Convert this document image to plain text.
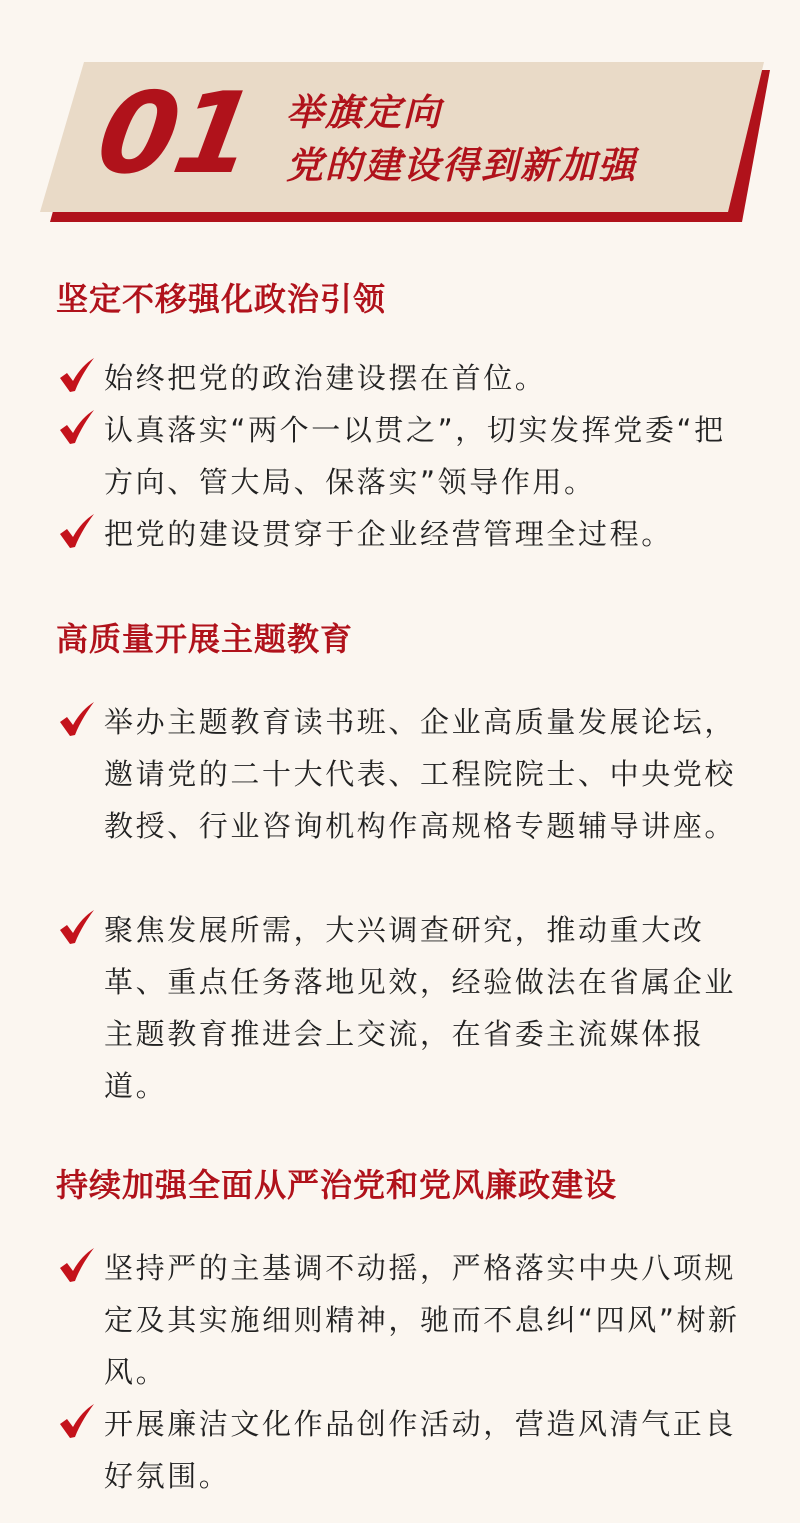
01 举旗定向
党的建设得到新加强
坚定不移强化政治引领

始终把党的政治建设摆在首位。

认真落实“两个一以贯之”，切实发挥党委“把方向、管大局、保落实”领导作用。

把党的建设贯穿于企业经营管理全过程。

高质量开展主题教育

举办主题教育读书班、企业高质量发展论坛，邀请党的二十大代表、工程院院士、中央党校教授、行业咨询机构作高规格专题辅导讲座。

聚焦发展所需，大兴调查研究，推动重大改革、重点任务落地见效，经验做法在省属企业主题教育推进会上交流，在省委主流媒体报道。

持续加强全面从严治党和党风廉政建设

坚持严的主基调不动摇，严格落实中央八项规定及其实施细则精神，驰而不息纠“四风”树新风。

开展廉洁文化作品创作活动，营造风清气正良好氛围。
